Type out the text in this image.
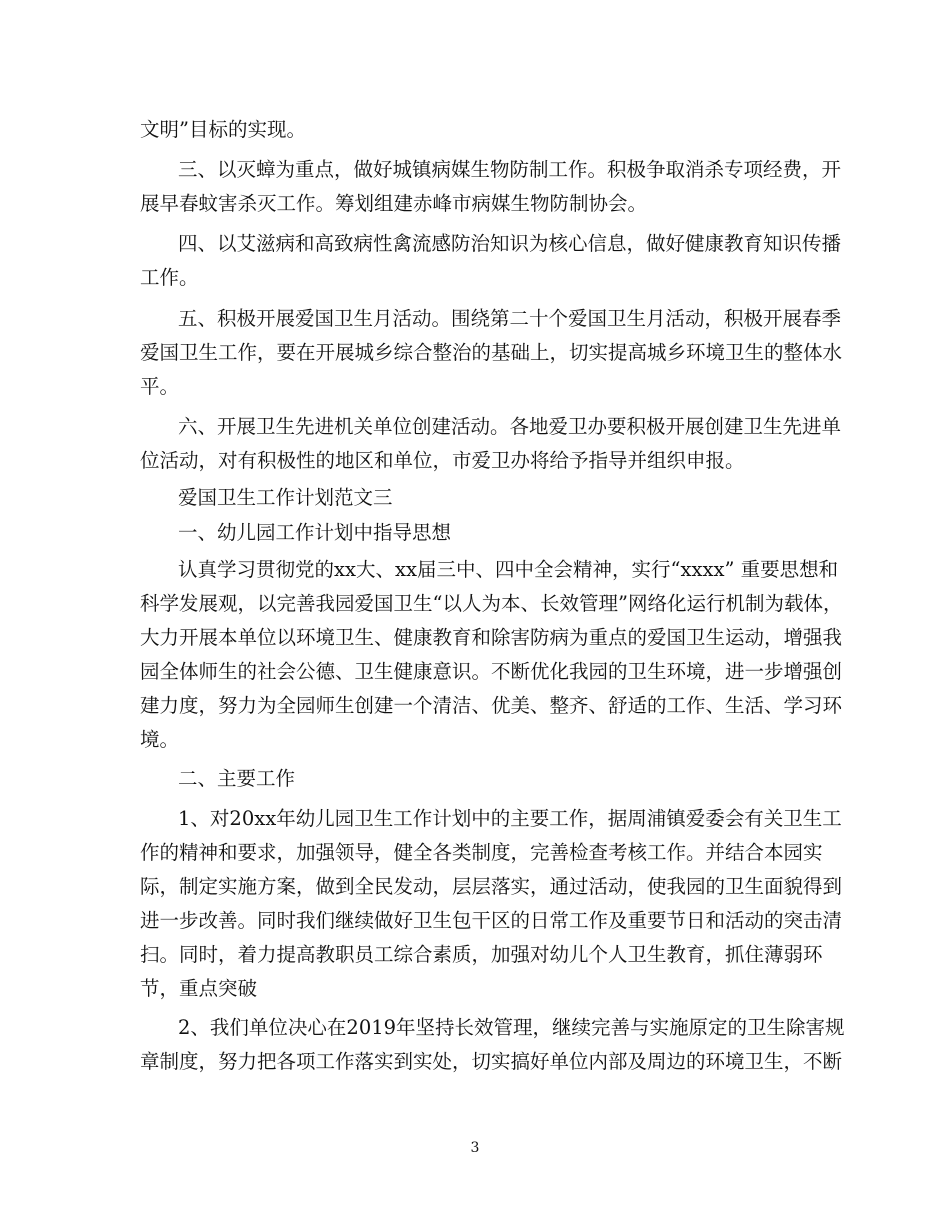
文明”目标的实现。
三、以灭蟑为重点，做好城镇病媒生物防制工作。积极争取消杀专项经费，开
展早春蚊害杀灭工作。筹划组建赤峰市病媒生物防制协会。
四、以艾滋病和高致病性禽流感防治知识为核心信息，做好健康教育知识传播
工作。
五、积极开展爱国卫生月活动。围绕第二十个爱国卫生月活动，积极开展春季
爱国卫生工作，要在开展城乡综合整治的基础上，切实提高城乡环境卫生的整体水
平。
六、开展卫生先进机关单位创建活动。各地爱卫办要积极开展创建卫生先进单
位活动，对有积极性的地区和单位，市爱卫办将给予指导并组织申报。
爱国卫生工作计划范文三
一、幼儿园工作计划中指导思想
认真学习贯彻党的xx大、xx届三中、四中全会精神，实行“xxxx” 重要思想和
科学发展观，以完善我园爱国卫生“以人为本、长效管理”网络化运行机制为载体，
大力开展本单位以环境卫生、健康教育和除害防病为重点的爱国卫生运动，增强我
园全体师生的社会公德、卫生健康意识。不断优化我园的卫生环境，进一步增强创
建力度，努力为全园师生创建一个清洁、优美、整齐、舒适的工作、生活、学习环
境。
二、主要工作
1、对20xx年幼儿园卫生工作计划中的主要工作，据周浦镇爱委会有关卫生工
作的精神和要求，加强领导，健全各类制度，完善检查考核工作。并结合本园实
际，制定实施方案，做到全民发动，层层落实，通过活动，使我园的卫生面貌得到
进一步改善。同时我们继续做好卫生包干区的日常工作及重要节日和活动的突击清
扫。同时，着力提高教职员工综合素质，加强对幼儿个人卫生教育，抓住薄弱环
节，重点突破
2、我们单位决心在2019年坚持长效管理，继续完善与实施原定的卫生除害规
章制度，努力把各项工作落实到实处，切实搞好单位内部及周边的环境卫生，不断
3
